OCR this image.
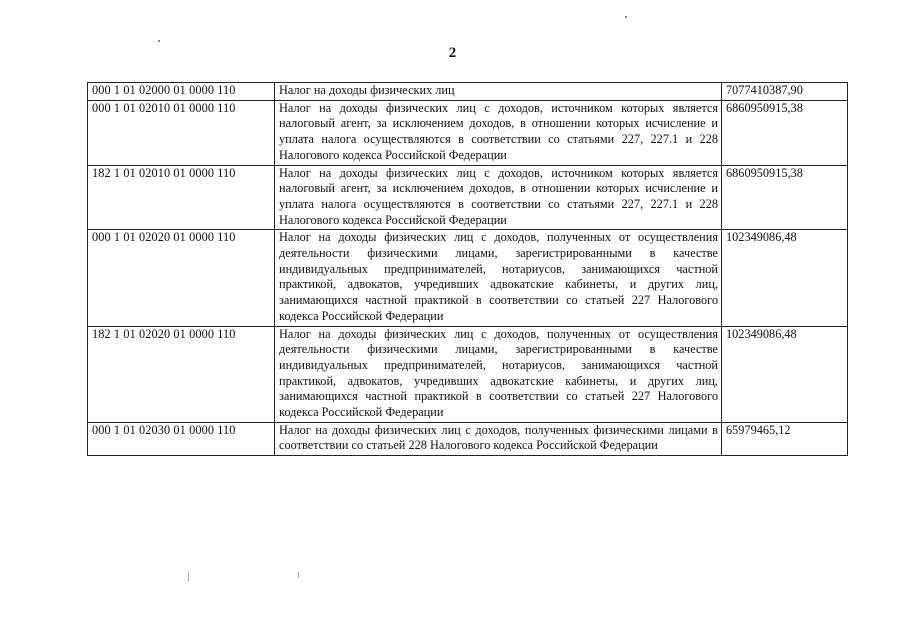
2
000 1 01 02000 01 0000 110	Налог на доходы физических лиц	7077410387,90
000 1 01 02010 01 0000 110	Налог на доходы физических лиц с доходов, источником которых является налоговый агент, за исключением доходов, в отношении которых исчисление и уплата налога осуществляются в соответствии со статьями 227, 227.1 и 228 Налогового кодекса Российской Федерации	6860950915,38
182 1 01 02010 01 0000 110	Налог на доходы физических лиц с доходов, источником которых является налоговый агент, за исключением доходов, в отношении которых исчисление и уплата налога осуществляются в соответствии со статьями 227, 227.1 и 228 Налогового кодекса Российской Федерации	6860950915,38
000 1 01 02020 01 0000 110	Налог на доходы физических лиц с доходов, полученных от осуществления деятельности физическими лицами, зарегистрированными в качестве индивидуальных предпринимателей, нотариусов, занимающихся частной практикой, адвокатов, учредивших адвокатские кабинеты, и других лиц, занимающихся частной практикой в соответствии со статьей 227 Налогового кодекса Российской Федерации	102349086,48
182 1 01 02020 01 0000 110	Налог на доходы физических лиц с доходов, полученных от осуществления деятельности физическими лицами, зарегистрированными в качестве индивидуальных предпринимателей, нотариусов, занимающихся частной практикой, адвокатов, учредивших адвокатские кабинеты, и других лиц, занимающихся частной практикой в соответствии со статьей 227 Налогового кодекса Российской Федерации	102349086,48
000 1 01 02030 01 0000 110	Налог на доходы физических лиц с доходов, полученных физическими лицами в соответствии со статьей 228 Налогового кодекса Российской Федерации	65979465,12
